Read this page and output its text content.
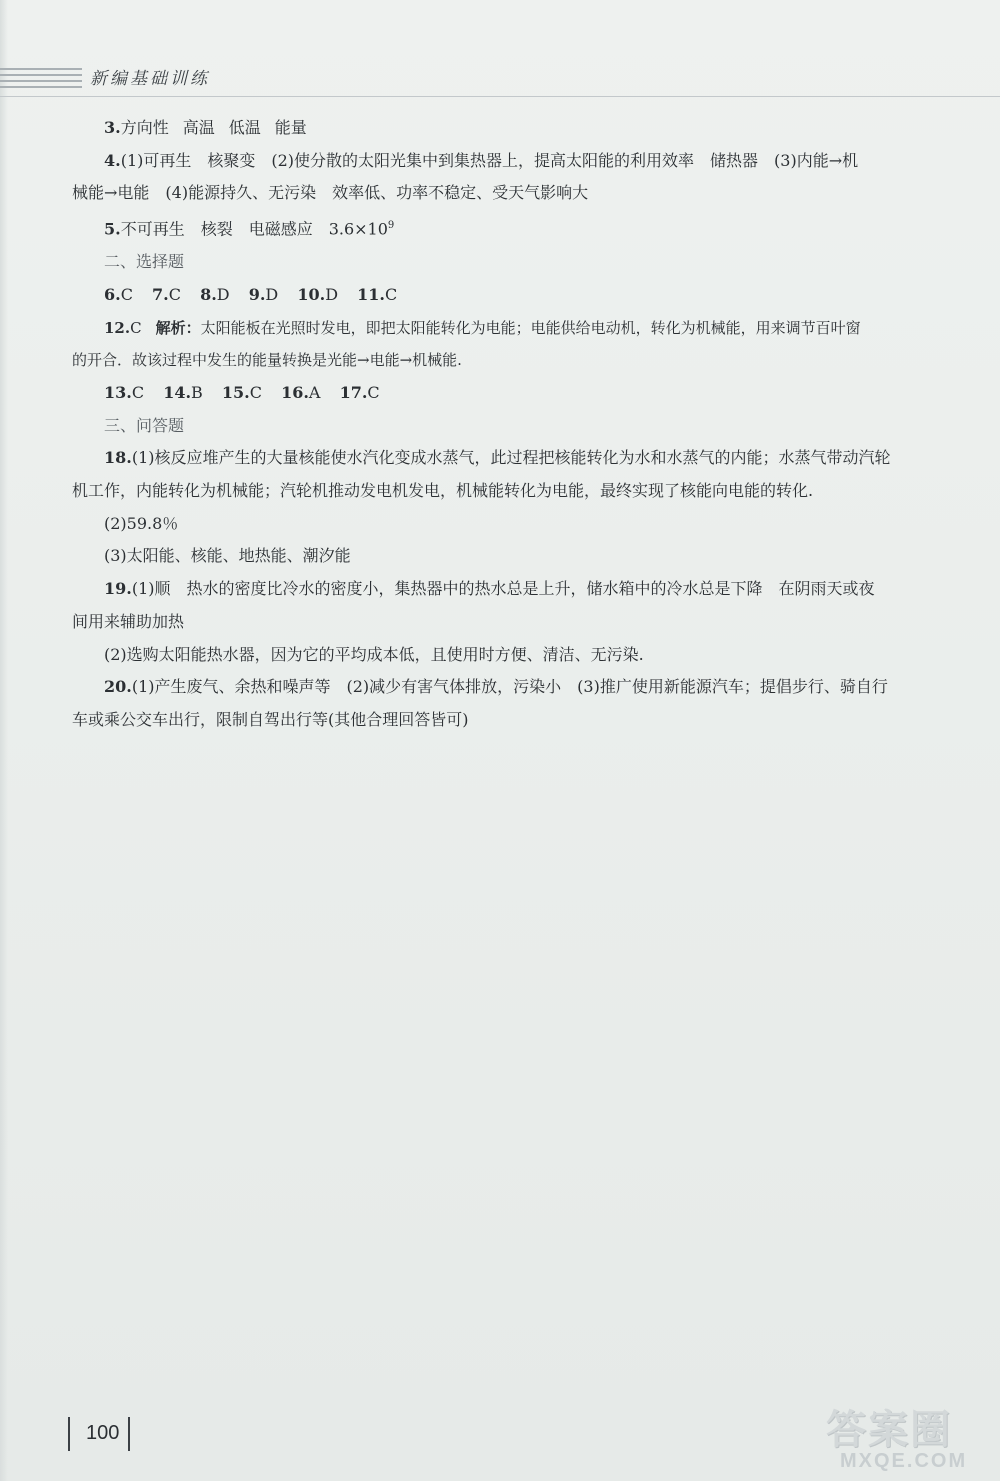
新编基础训练
3.方向性 高温 低温 能量
4.(1)可再生　核聚变　(2)使分散的太阳光集中到集热器上，提高太阳能的利用效率　储热器　(3)内能→机
械能→电能　(4)能源持久、无污染　效率低、功率不稳定、受天气影响大
5.不可再生　核裂　电磁感应　$3.6\times 10^9$
二、选择题
6.C 7.C 8.D 9.D 10.D 11.C
12.C 解析：太阳能板在光照时发电，即把太阳能转化为电能；电能供给电动机，转化为机械能，用来调节百叶窗
的开合．故该过程中发生的能量转换是光能→电能→机械能.
13.C 14.B 15.C 16.A 17.C
三、问答题
18.(1)核反应堆产生的大量核能使水汽化变成水蒸气，此过程把核能转化为水和水蒸气的内能；水蒸气带动汽轮
机工作，内能转化为机械能；汽轮机推动发电机发电，机械能转化为电能，最终实现了核能向电能的转化.
(2)59.8％
(3)太阳能、核能、地热能、潮汐能
19.(1)顺　热水的密度比冷水的密度小，集热器中的热水总是上升，储水箱中的冷水总是下降　在阴雨天或夜
间用来辅助加热
(2)选购太阳能热水器，因为它的平均成本低，且使用时方便、清洁、无污染.
20.(1)产生废气、余热和噪声等　(2)减少有害气体排放，污染小　(3)推广使用新能源汽车；提倡步行、骑自行
车或乘公交车出行，限制自驾出行等(其他合理回答皆可)
100	答案圈
MXQE.COM
